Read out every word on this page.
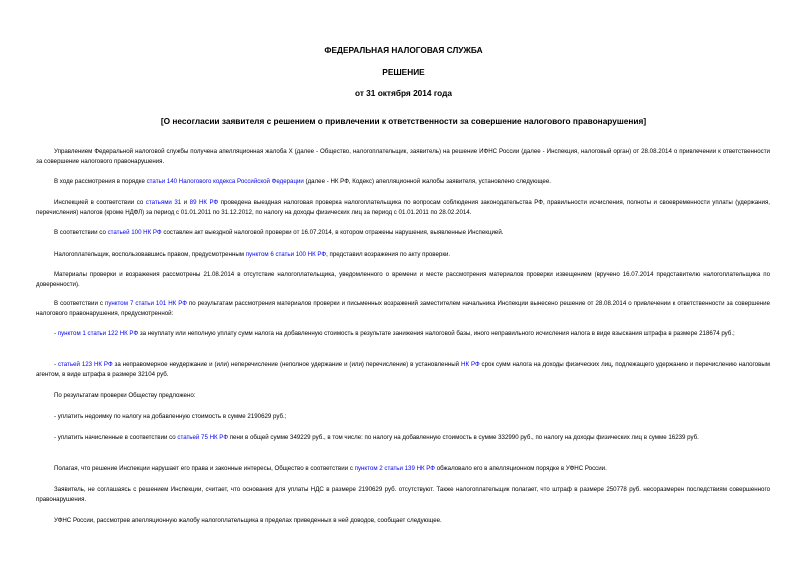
ФЕДЕРАЛЬНАЯ НАЛОГОВАЯ СЛУЖБА
РЕШЕНИЕ
от 31 октября 2014 года
[О несогласии заявителя с решением о привлечении к ответственности за совершение налогового правонарушения]
Управлением Федеральной налоговой службы получена апелляционная жалоба X (далее - Общество, налогоплательщик, заявитель) на решение ИФНС России (далее - Инспекция, налоговый орган) от 28.08.2014 о привлечении к ответственности за совершение налогового правонарушения.
В ходе рассмотрения в порядке статьи 140 Налогового кодекса Российской Федерации (далее - НК РФ, Кодекс) апелляционной жалобы заявителя, установлено следующее.
Инспекцией в соответствии со статьями 31 и 89 НК РФ проведена выездная налоговая проверка налогоплательщика по вопросам соблюдения законодательства РФ, правильности исчисления, полноты и своевременности уплаты (удержания, перечисления) налогов (кроме НДФЛ) за период с 01.01.2011 по 31.12.2012, по налогу на доходы физических лиц за период с 01.01.2011 по 28.02.2014.
В соответствии со статьей 100 НК РФ составлен акт выездной налоговой проверки от 16.07.2014, в котором отражены нарушения, выявленные Инспекцией.
Налогоплательщик, воспользовавшись правом, предусмотренным пунктом 6 статьи 100 НК РФ, представил возражения по акту проверки.
Материалы проверки и возражения рассмотрены 21.08.2014 в отсутствие налогоплательщика, уведомленного о времени и месте рассмотрения материалов проверки извещением (вручено 16.07.2014 представителю налогоплательщика по доверенности).
В соответствии с пунктом 7 статьи 101 НК РФ по результатам рассмотрения материалов проверки и письменных возражений заместителем начальника Инспекции вынесено решение от 28.08.2014 о привлечении к ответственности за совершение налогового правонарушения, предусмотренной:
- пунктом 1 статьи 122 НК РФ за неуплату или неполную уплату сумм налога на добавленную стоимость в результате занижения налоговой базы, иного неправильного исчисления налога в виде взыскания штрафа в размере 218674 руб.;
- статьей 123 НК РФ за неправомерное неудержание и (или) неперечисление (неполное удержание и (или) перечисление) в установленный НК РФ срок сумм налога на доходы физических лиц, подлежащего удержанию и перечислению налоговым агентом, в виде штрафа в размере 32104 руб.
По результатам проверки Обществу предложено:
- уплатить недоимку по налогу на добавленную стоимость в сумме 2190629 руб.;
- уплатить начисленные в соответствии со статьей 75 НК РФ пени в общей сумме 349229 руб., в том числе: по налогу на добавленную стоимость в сумме 332990 руб., по налогу на доходы физических лиц в сумме 16239 руб.
Полагая, что решение Инспекции нарушает его права и законные интересы, Общество в соответствии с пунктом 2 статьи 139 НК РФ обжаловало его в апелляционном порядке в УФНС России.
Заявитель, не соглашаясь с решением Инспекции, считает, что основания для уплаты НДС в размере 2190629 руб. отсутствуют. Также налогоплательщик полагает, что штраф в размере 250778 руб. несоразмерен последствиям совершенного правонарушения.
УФНС России, рассмотрев апелляционную жалобу налогоплательщика в пределах приведенных в ней доводов, сообщает следующее.
